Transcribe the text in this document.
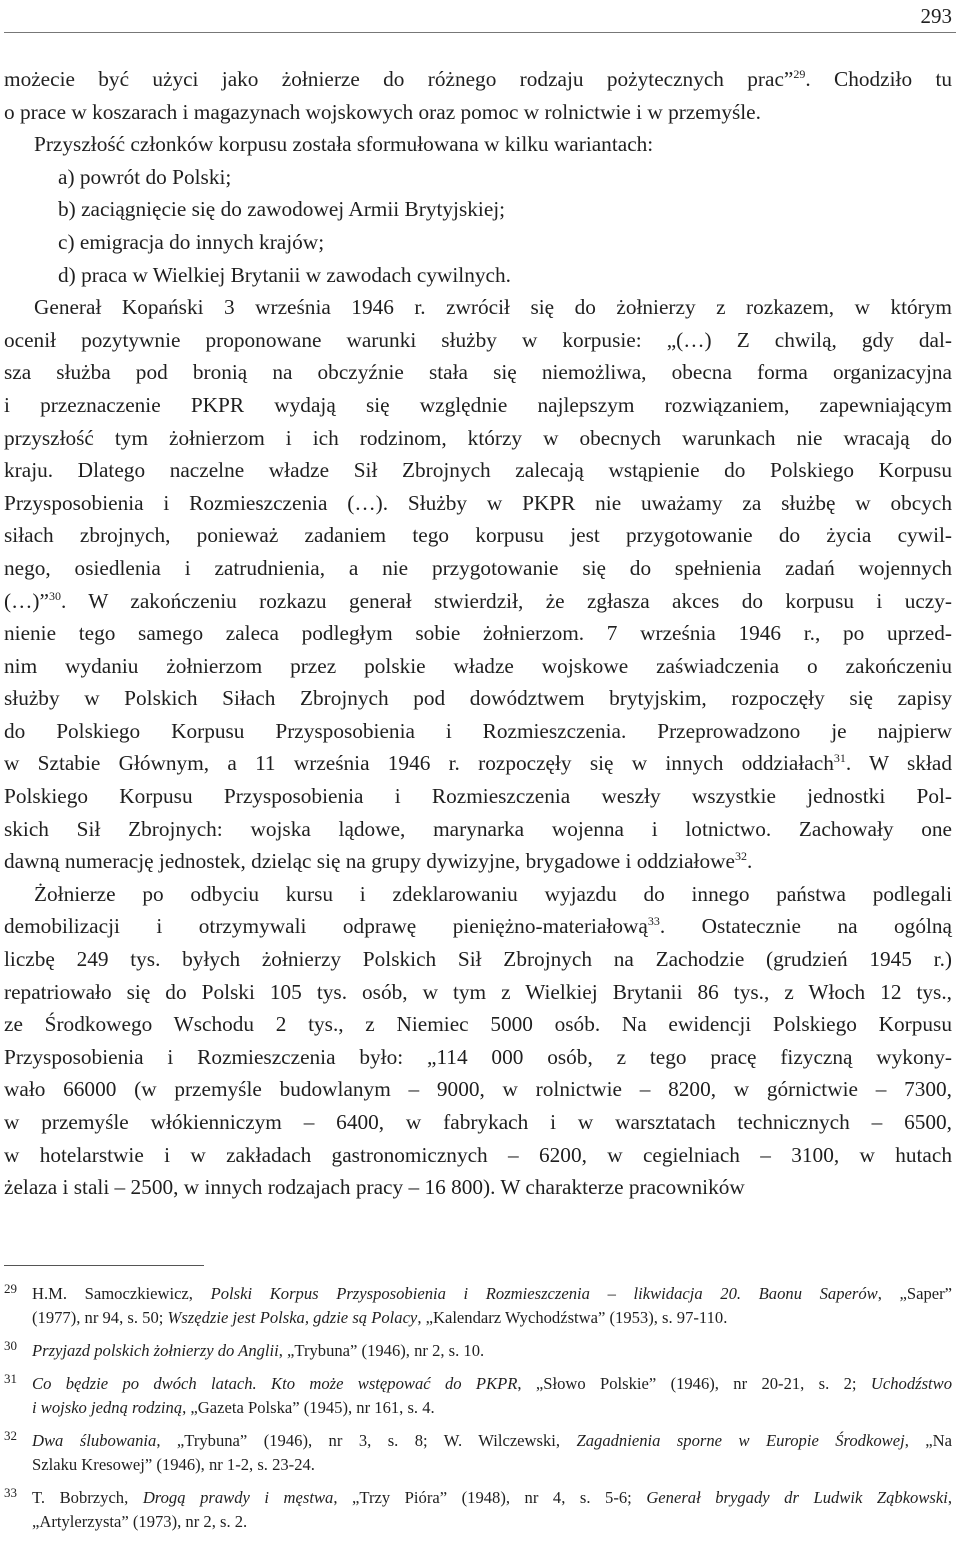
293
możecie być użyci jako żołnierze do różnego rodzaju pożytecznych prac”$^{29}$. Chodziło tu
o prace w koszarach i magazynach wojskowych oraz pomoc w rolnictwie i w przemyśle.
Przyszłość członków korpusu została sformułowana w kilku wariantach:
a) powrót do Polski;
b) zaciągnięcie się do zawodowej Armii Brytyjskiej;
c) emigracja do innych krajów;
d) praca w Wielkiej Brytanii w zawodach cywilnych.
Generał Kopański 3 września 1946 r. zwrócił się do żołnierzy z rozkazem, w którym
ocenił pozytywnie proponowane warunki służby w korpusie: „(…) Z chwilą, gdy dal-
sza służba pod bronią na obczyźnie stała się niemożliwa, obecna forma organizacyjna
i przeznaczenie PKPR wydają się względnie najlepszym rozwiązaniem, zapewniającym
przyszłość tym żołnierzom i ich rodzinom, którzy w obecnych warunkach nie wracają do
kraju. Dlatego naczelne władze Sił Zbrojnych zalecają wstąpienie do Polskiego Korpusu
Przysposobienia i Rozmieszczenia (…). Służby w PKPR nie uważamy za służbę w obcych
siłach zbrojnych, ponieważ zadaniem tego korpusu jest przygotowanie do życia cywil-
nego, osiedlenia i zatrudnienia, a nie przygotowanie się do spełnienia zadań wojennych
(…)”$^{30}$. W zakończeniu rozkazu generał stwierdził, że zgłasza akces do korpusu i uczy-
nienie tego samego zaleca podległym sobie żołnierzom. 7 września 1946 r., po uprzed-
nim wydaniu żołnierzom przez polskie władze wojskowe zaświadczenia o zakończeniu
służby w Polskich Siłach Zbrojnych pod dowództwem brytyjskim, rozpoczęły się zapisy
do Polskiego Korpusu Przysposobienia i Rozmieszczenia. Przeprowadzono je najpierw
w Sztabie Głównym, a 11 września 1946 r. rozpoczęły się w innych oddziałach$^{31}$. W skład
Polskiego Korpusu Przysposobienia i Rozmieszczenia weszły wszystkie jednostki Pol-
skich Sił Zbrojnych: wojska lądowe, marynarka wojenna i lotnictwo. Zachowały one
dawną numerację jednostek, dzieląc się na grupy dywizyjne, brygadowe i oddziałowe$^{32}$.
Żołnierze po odbyciu kursu i zdeklarowaniu wyjazdu do innego państwa podlegali
demobilizacji i otrzymywali odprawę pieniężno-materiałową$^{33}$. Ostatecznie na ogólną
liczbę 249 tys. byłych żołnierzy Polskich Sił Zbrojnych na Zachodzie (grudzień 1945 r.)
repatriowało się do Polski 105 tys. osób, w tym z Wielkiej Brytanii 86 tys., z Włoch 12 tys.,
ze Środkowego Wschodu 2 tys., z Niemiec 5000 osób. Na ewidencji Polskiego Korpusu
Przysposobienia i Rozmieszczenia było: „114 000 osób, z tego pracę fizyczną wykony-
wało 66000 (w przemyśle budowlanym – 9000, w rolnictwie – 8200, w górnictwie – 7300,
w przemyśle włókienniczym – 6400, w fabrykach i w warsztatach technicznych – 6500,
w hotelarstwie i w zakładach gastronomicznych – 6200, w cegielniach – 3100, w hutach
żelaza i stali – 2500, w innych rodzajach pracy – 16 800). W charakterze pracowników
29 H.M. Samoczkiewicz, Polski Korpus Przysposobienia i Rozmieszczenia – likwidacja 20. Baonu Saperów, „Saper”
(1977), nr 94, s. 50; Wszędzie jest Polska, gdzie są Polacy, „Kalendarz Wychodźstwa” (1953), s. 97-110.
30 Przyjazd polskich żołnierzy do Anglii, „Trybuna” (1946), nr 2, s. 10.
31 Co będzie po dwóch latach. Kto może wstępować do PKPR, „Słowo Polskie” (1946), nr 20-21, s. 2; Uchodźstwo
i wojsko jedną rodziną, „Gazeta Polska” (1945), nr 161, s. 4.
32 Dwa ślubowania, „Trybuna” (1946), nr 3, s. 8; W. Wilczewski, Zagadnienia sporne w Europie Środkowej, „Na
Szlaku Kresowej” (1946), nr 1-2, s. 23-24.
33 T. Bobrzych, Drogą prawdy i męstwa, „Trzy Pióra” (1948), nr 4, s. 5-6; Generał brygady dr Ludwik Ząbkowski,
„Artylerzysta” (1973), nr 2, s. 2.
